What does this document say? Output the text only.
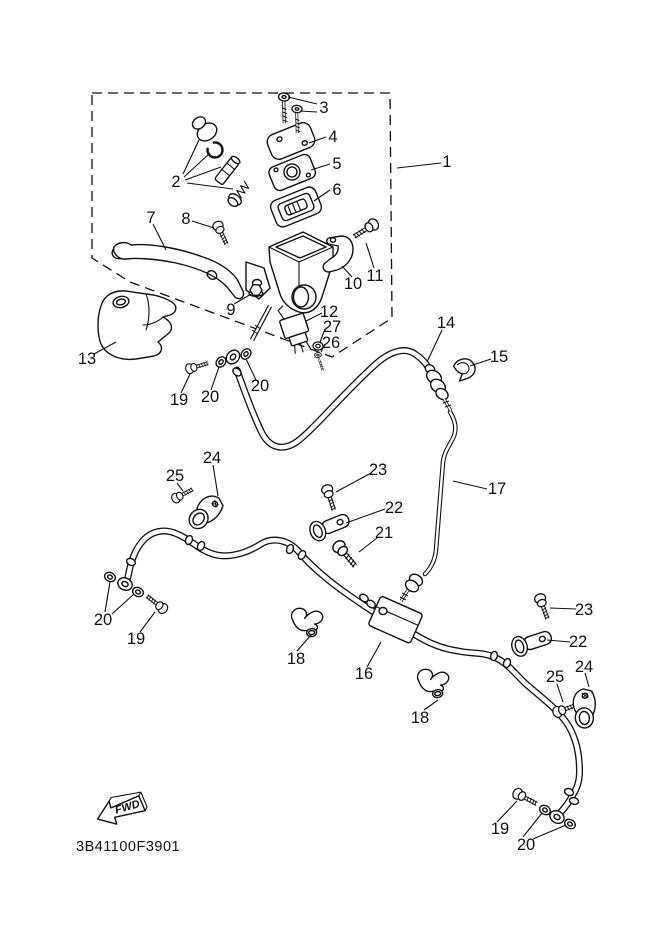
1
2
3
4
5
6
7 8
9
10 11
12
27
26
13
19 20
20
14
15
17
24
25	23
22
21
20
19
18
16
18
23
22
24
25
19
20
FWD
3B41100F3901
